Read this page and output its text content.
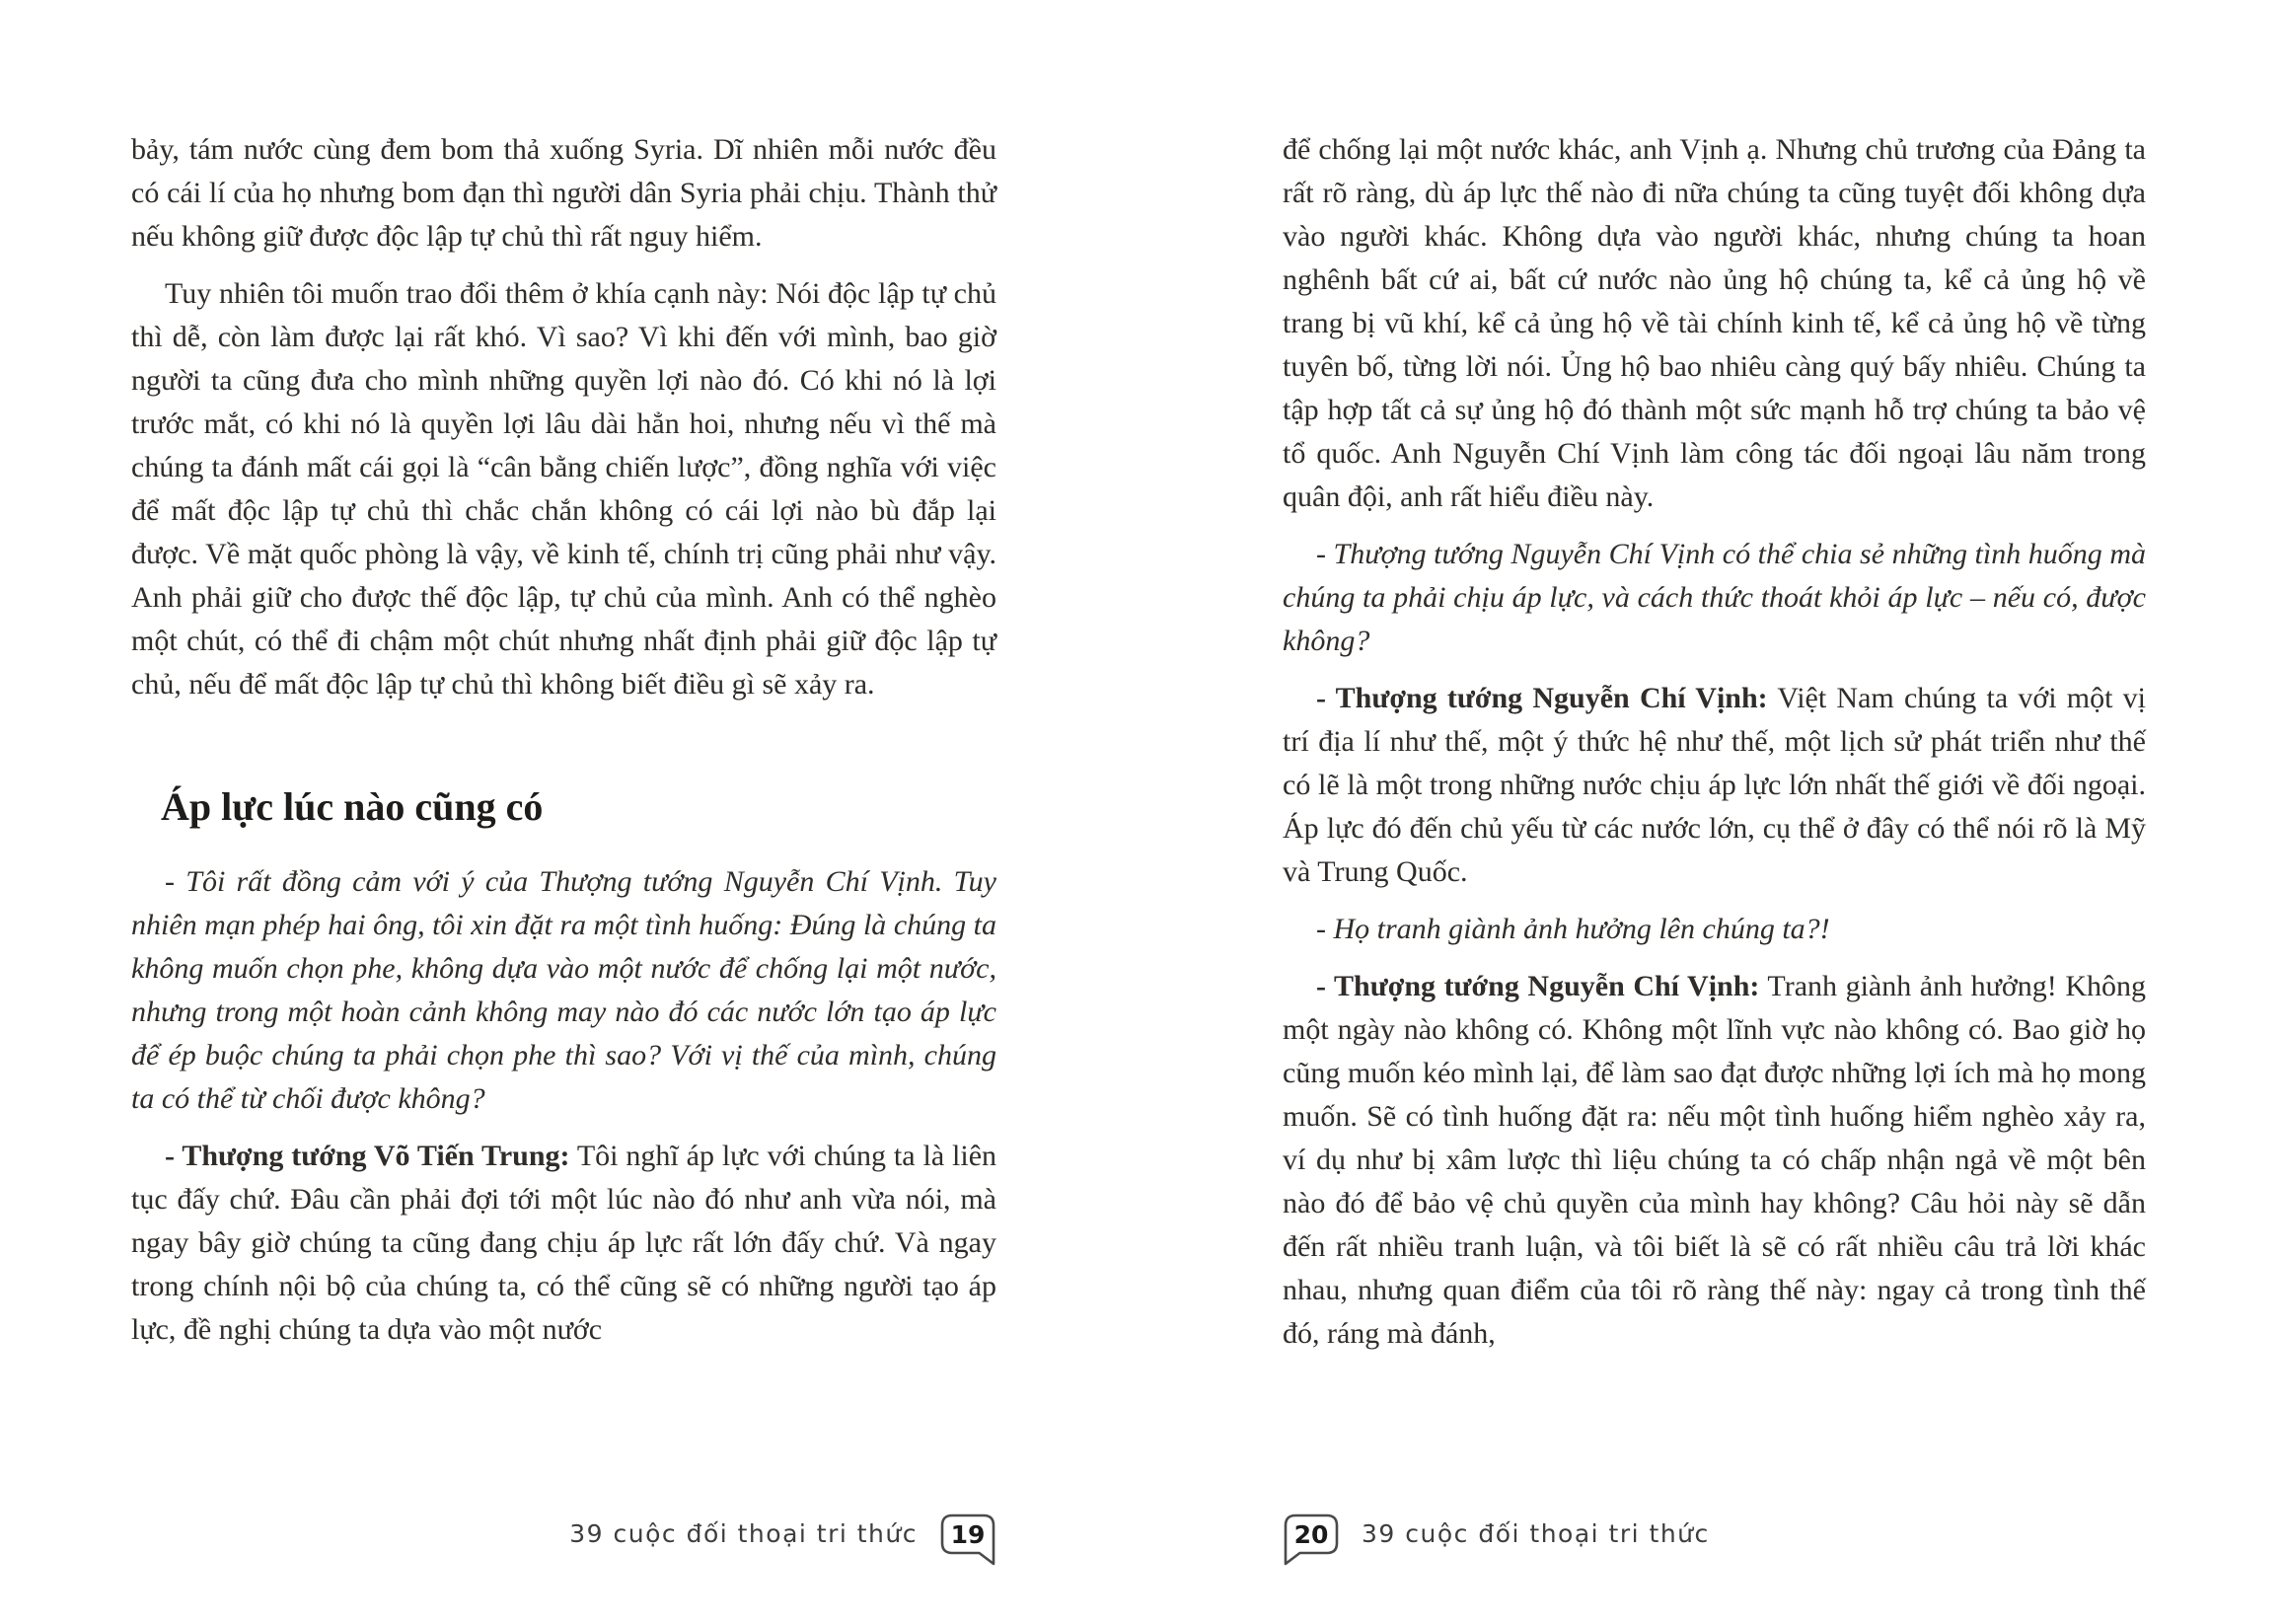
bảy, tám nước cùng đem bom thả xuống Syria. Dĩ nhiên mỗi nước đều có cái lí của họ nhưng bom đạn thì người dân Syria phải chịu. Thành thử nếu không giữ được độc lập tự chủ thì rất nguy hiểm.

Tuy nhiên tôi muốn trao đổi thêm ở khía cạnh này: Nói độc lập tự chủ thì dễ, còn làm được lại rất khó. Vì sao? Vì khi đến với mình, bao giờ người ta cũng đưa cho mình những quyền lợi nào đó. Có khi nó là lợi trước mắt, có khi nó là quyền lợi lâu dài hẳn hoi, nhưng nếu vì thế mà chúng ta đánh mất cái gọi là “cân bằng chiến lược”, đồng nghĩa với việc để mất độc lập tự chủ thì chắc chắn không có cái lợi nào bù đắp lại được. Về mặt quốc phòng là vậy, về kinh tế, chính trị cũng phải như vậy. Anh phải giữ cho được thế độc lập, tự chủ của mình. Anh có thể nghèo một chút, có thể đi chậm một chút nhưng nhất định phải giữ độc lập tự chủ, nếu để mất độc lập tự chủ thì không biết điều gì sẽ xảy ra.

Áp lực lúc nào cũng có

- Tôi rất đồng cảm với ý của Thượng tướng Nguyễn Chí Vịnh. Tuy nhiên mạn phép hai ông, tôi xin đặt ra một tình huống: Đúng là chúng ta không muốn chọn phe, không dựa vào một nước để chống lại một nước, nhưng trong một hoàn cảnh không may nào đó các nước lớn tạo áp lực để ép buộc chúng ta phải chọn phe thì sao? Với vị thế của mình, chúng ta có thể từ chối được không?

- Thượng tướng Võ Tiến Trung: Tôi nghĩ áp lực với chúng ta là liên tục đấy chứ. Đâu cần phải đợi tới một lúc nào đó như anh vừa nói, mà ngay bây giờ chúng ta cũng đang chịu áp lực rất lớn đấy chứ. Và ngay trong chính nội bộ của chúng ta, có thể cũng sẽ có những người tạo áp lực, đề nghị chúng ta dựa vào một nước

để chống lại một nước khác, anh Vịnh ạ. Nhưng chủ trương của Đảng ta rất rõ ràng, dù áp lực thế nào đi nữa chúng ta cũng tuyệt đối không dựa vào người khác. Không dựa vào người khác, nhưng chúng ta hoan nghênh bất cứ ai, bất cứ nước nào ủng hộ chúng ta, kể cả ủng hộ về trang bị vũ khí, kể cả ủng hộ về tài chính kinh tế, kể cả ủng hộ về từng tuyên bố, từng lời nói. Ủng hộ bao nhiêu càng quý bấy nhiêu. Chúng ta tập hợp tất cả sự ủng hộ đó thành một sức mạnh hỗ trợ chúng ta bảo vệ tổ quốc. Anh Nguyễn Chí Vịnh làm công tác đối ngoại lâu năm trong quân đội, anh rất hiểu điều này.

- Thượng tướng Nguyễn Chí Vịnh có thể chia sẻ những tình huống mà chúng ta phải chịu áp lực, và cách thức thoát khỏi áp lực – nếu có, được không?

- Thượng tướng Nguyễn Chí Vịnh: Việt Nam chúng ta với một vị trí địa lí như thế, một ý thức hệ như thế, một lịch sử phát triển như thế có lẽ là một trong những nước chịu áp lực lớn nhất thế giới về đối ngoại. Áp lực đó đến chủ yếu từ các nước lớn, cụ thể ở đây có thể nói rõ là Mỹ và Trung Quốc.

- Họ tranh giành ảnh hưởng lên chúng ta?!

- Thượng tướng Nguyễn Chí Vịnh: Tranh giành ảnh hưởng! Không một ngày nào không có. Không một lĩnh vực nào không có. Bao giờ họ cũng muốn kéo mình lại, để làm sao đạt được những lợi ích mà họ mong muốn. Sẽ có tình huống đặt ra: nếu một tình huống hiểm nghèo xảy ra, ví dụ như bị xâm lược thì liệu chúng ta có chấp nhận ngả về một bên nào đó để bảo vệ chủ quyền của mình hay không? Câu hỏi này sẽ dẫn đến rất nhiều tranh luận, và tôi biết là sẽ có rất nhiều câu trả lời khác nhau, nhưng quan điểm của tôi rõ ràng thế này: ngay cả trong tình thế đó, ráng mà đánh,

39 cuộc đối thoại tri thức	19	20	39 cuộc đối thoại tri thức
